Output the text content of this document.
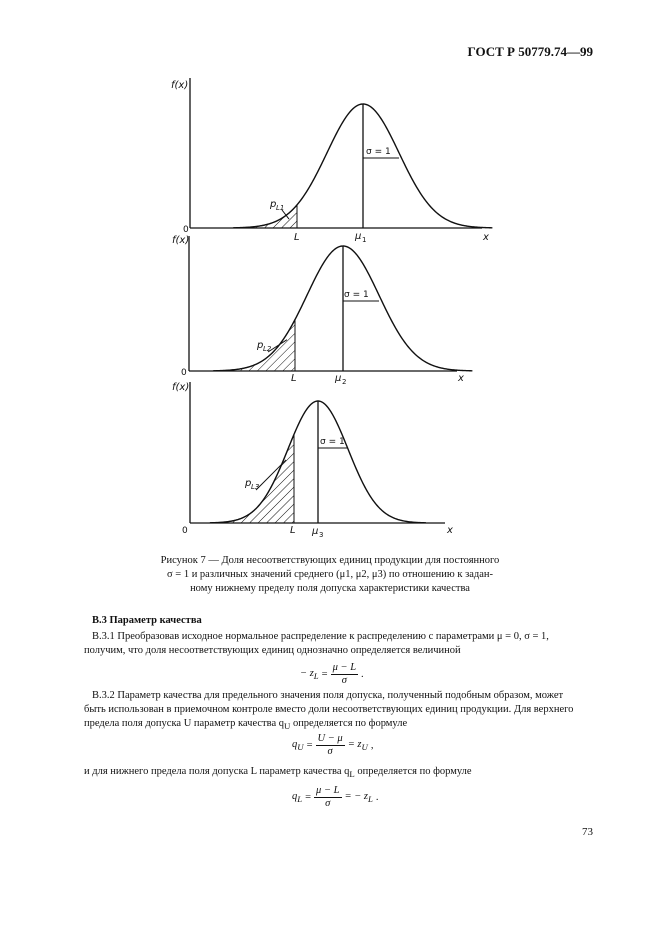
ГОСТ Р 50779.74—99
f(x)
0
x
L	μ 1
σ = 1
p L1
f(x)
0	x
L	μ 2
σ = 1
p L2
f(x)
0	x
L μ 3
σ = 1
p L3
Рисунок 7 — Доля несоответствующих единиц продукции для постоянного
σ = 1 и различных значений среднего (μ1, μ2, μ3) по отношению к задан-
ному нижнему пределу поля допуска характеристики качества
В.3 Параметр качества
В.3.1 Преобразовав исходное нормальное распределение к распределению с параметрами μ = 0, σ = 1,
получим, что доля несоответствующих единиц однозначно определяется величиной
− $z_L = \frac{\mu - L}{\sigma}$ .
В.3.2 Параметр качества для предельного значения поля допуска, полученный подобным образом, может
быть использован в приемочном контроле вместо доли несоответствующих единиц продукции. Для верхнего
предела поля допуска U параметр качества $q_U$ определяется по формуле
$q_U = \frac{U - \mu}{\sigma} = z_U$ ,
и для нижнего предела поля допуска L параметр качества $q_L$ определяется по формуле
$q_L = \frac{\mu - L}{\sigma}$ = − $z_L$ .
73
